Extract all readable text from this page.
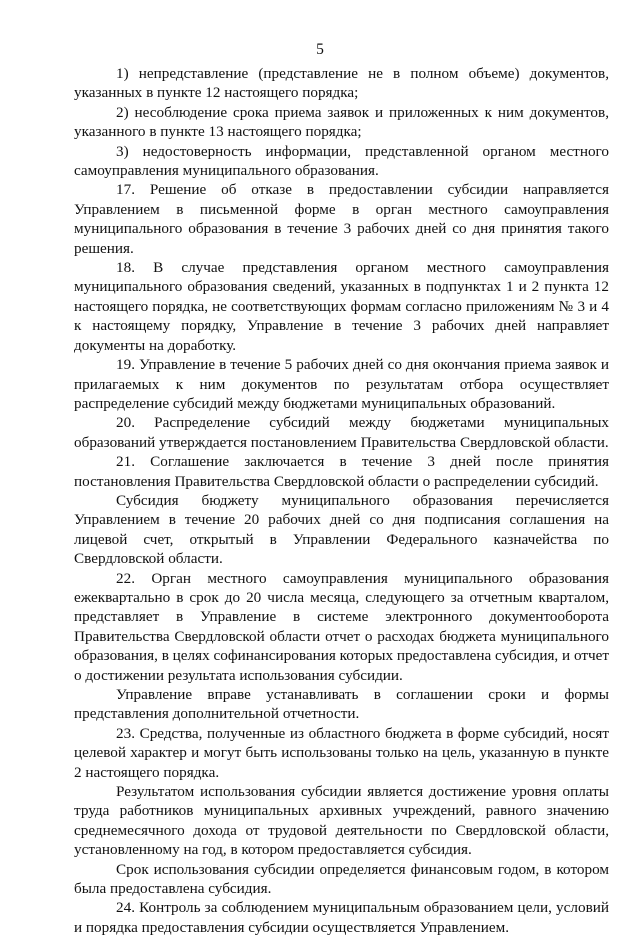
5

1) непредставление (представление не в полном объеме) документов, указанных в пункте 12 настоящего порядка;

2) несоблюдение срока приема заявок и приложенных к ним документов, указанного в пункте 13 настоящего порядка;

3) недостоверность информации, представленной органом местного самоуправления муниципального образования.

17. Решение об отказе в предоставлении субсидии направляется Управлением в письменной форме в орган местного самоуправления муниципального образования в течение 3 рабочих дней со дня принятия такого решения.

18. В случае представления органом местного самоуправления муниципального образования сведений, указанных в подпунктах 1 и 2 пункта 12 настоящего порядка, не соответствующих формам согласно приложениям № 3 и 4 к настоящему порядку, Управление в течение 3 рабочих дней направляет документы на доработку.

19. Управление в течение 5 рабочих дней со дня окончания приема заявок и прилагаемых к ним документов по результатам отбора осуществляет распределение субсидий между бюджетами муниципальных образований.

20. Распределение субсидий между бюджетами муниципальных образований утверждается постановлением Правительства Свердловской области.

21. Соглашение заключается в течение 3 дней после принятия постановления Правительства Свердловской области о распределении субсидий.

Субсидия бюджету муниципального образования перечисляется Управлением в течение 20 рабочих дней со дня подписания соглашения на лицевой счет, открытый в Управлении Федерального казначейства по Свердловской области.

22. Орган местного самоуправления муниципального образования ежеквартально в срок до 20 числа месяца, следующего за отчетным кварталом, представляет в Управление в системе электронного документооборота Правительства Свердловской области отчет о расходах бюджета муниципального образования, в целях софинансирования которых предоставлена субсидия, и отчет о достижении результата использования субсидии.

Управление вправе устанавливать в соглашении сроки и формы представления дополнительной отчетности.

23. Средства, полученные из областного бюджета в форме субсидий, носят целевой характер и могут быть использованы только на цель, указанную в пункте 2 настоящего порядка.

Результатом использования субсидии является достижение уровня оплаты труда работников муниципальных архивных учреждений, равного значению среднемесячного дохода от трудовой деятельности по Свердловской области, установленному на год, в котором предоставляется субсидия.

Срок использования субсидии определяется финансовым годом, в котором была предоставлена субсидия.

24. Контроль за соблюдением муниципальным образованием цели, условий и порядка предоставления субсидии осуществляется Управлением.
